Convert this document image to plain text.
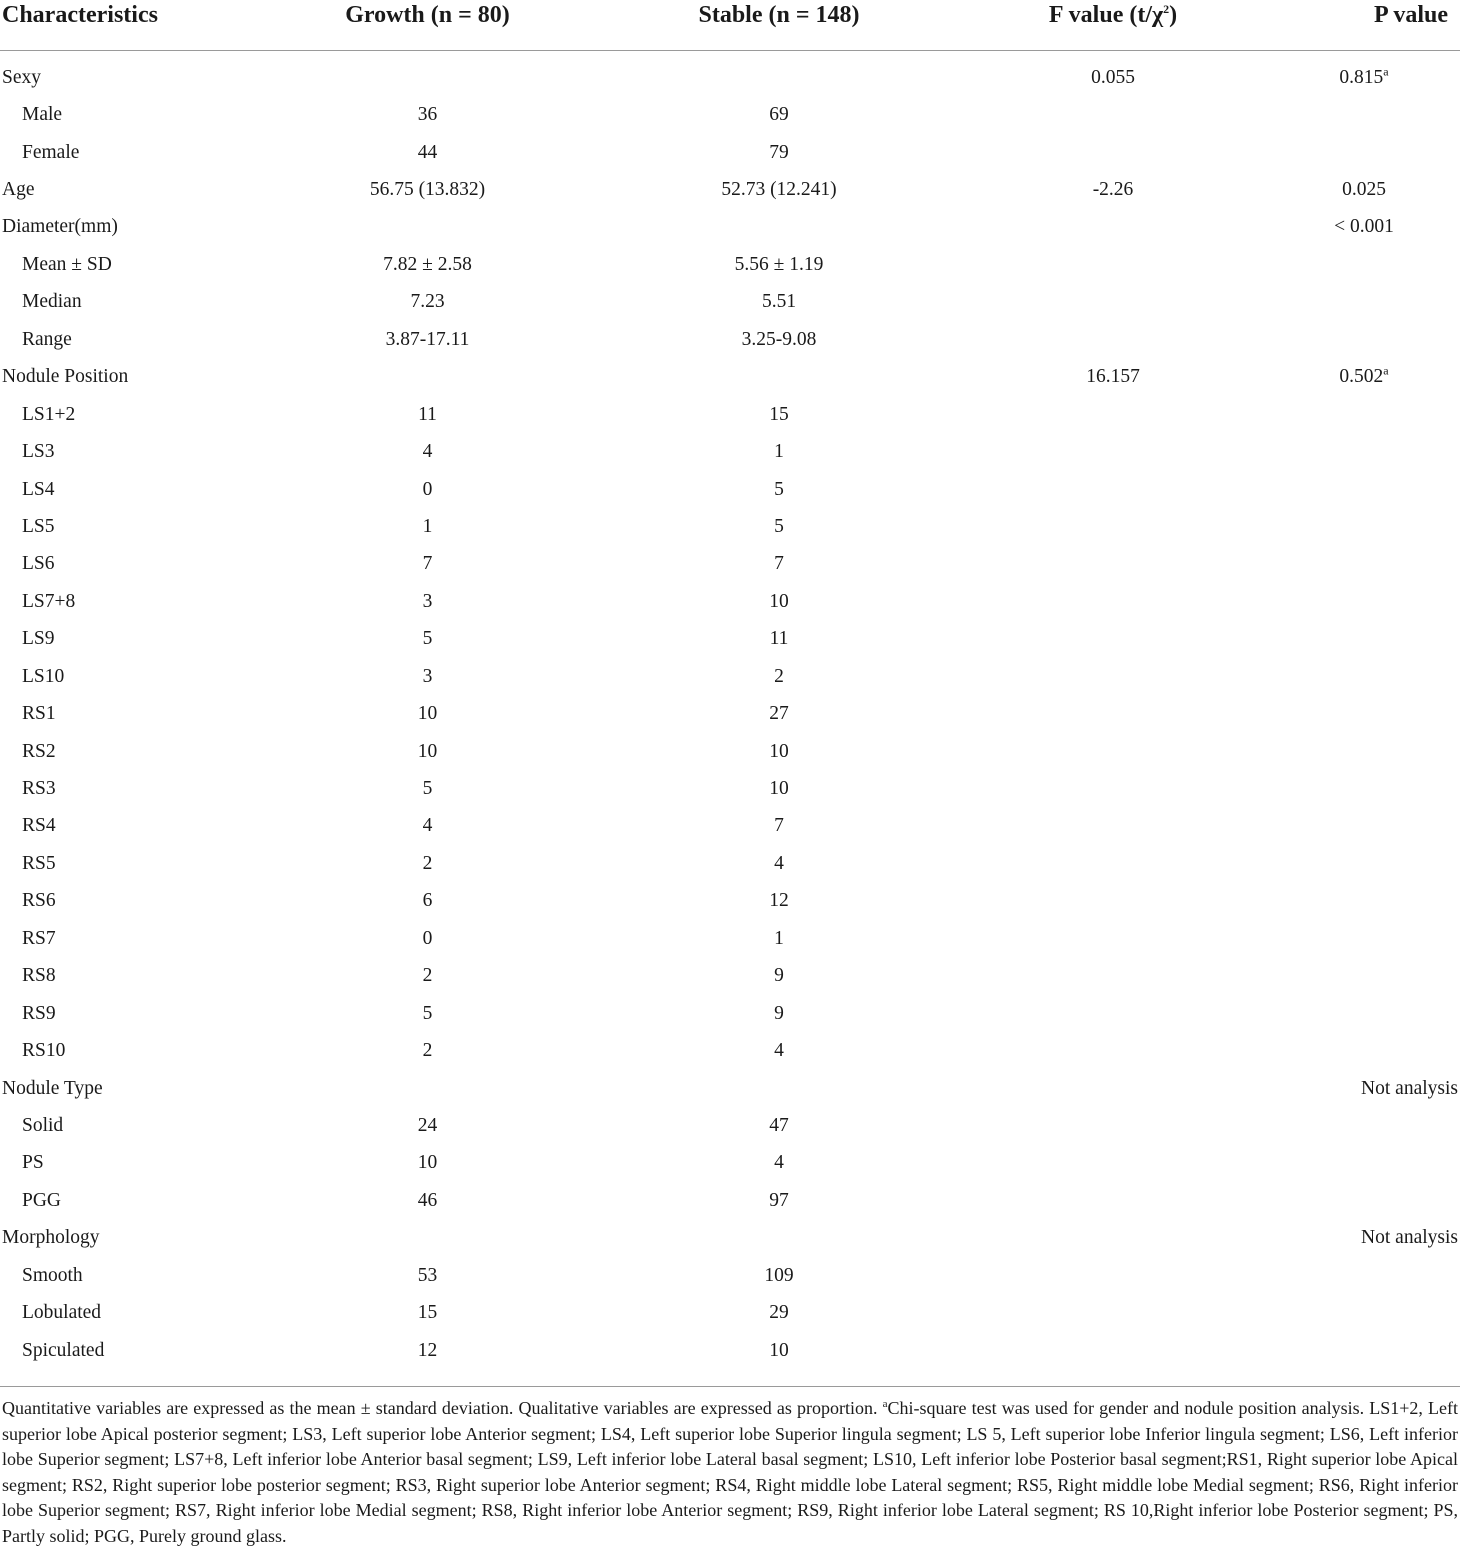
Characteristics	Growth (n = 80)	Stable (n = 148)	F value $(t/\chi^2)$	P value
Sexy			0.055	0.815$^a$
Male	36	69		
Female	44	79		
Age	56.75 (13.832)	52.73 (12.241)	-2.26	0.025
Diameter(mm)				< 0.001
Mean ± SD	7.82 ± 2.58	5.56 ± 1.19		
Median	7.23	5.51		
Range	3.87-17.11	3.25-9.08		
Nodule Position			16.157	0.502$^a$
LS1+2	11	15		
LS3	4	1		
LS4	0	5		
LS5	1	5		
LS6	7	7		
LS7+8	3	10		
LS9	5	11		
LS10	3	2		
RS1	10	27		
RS2	10	10		
RS3	5	10		
RS4	4	7		
RS5	2	4		
RS6	6	12		
RS7	0	1		
RS8	2	9		
RS9	5	9		
RS10	2	4		
Nodule Type				Not analysis
Solid	24	47		
PS	10	4		
PGG	46	97		
Morphology				Not analysis
Smooth	53	109		
Lobulated	15	29		
Spiculated	12	10		
Quantitative variables are expressed as the mean ± standard deviation. Qualitative variables are expressed as proportion. $^a$Chi-square test was used for gender and nodule position analysis. LS1+2, Left superior lobe Apical posterior segment; LS3, Left superior lobe Anterior segment; LS4, Left superior lobe Superior lingula segment; LS 5, Left superior lobe Inferior lingula segment; LS6, Left inferior lobe Superior segment; LS7+8, Left inferior lobe Anterior basal segment; LS9, Left inferior lobe Lateral basal segment; LS10, Left inferior lobe Posterior basal segment;RS1, Right superior lobe Apical segment; RS2, Right superior lobe posterior segment; RS3, Right superior lobe Anterior segment; RS4, Right middle lobe Lateral segment; RS5, Right middle lobe Medial segment; RS6, Right inferior lobe Superior segment; RS7, Right inferior lobe Medial segment; RS8, Right inferior lobe Anterior segment; RS9, Right inferior lobe Lateral segment; RS 10,Right inferior lobe Posterior segment; PS, Partly solid; PGG, Purely ground glass.
